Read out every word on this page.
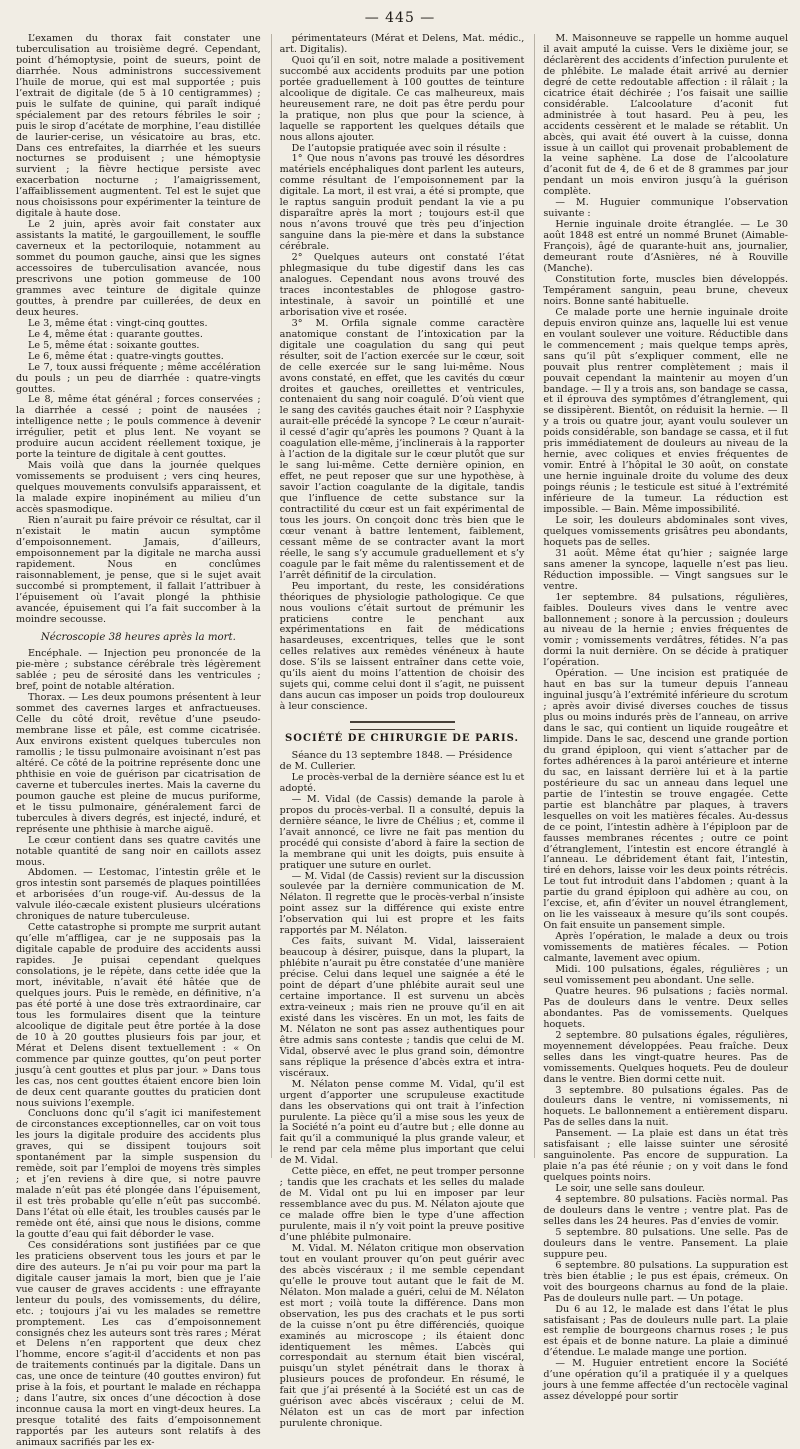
— 445 —

L’examen du thorax fait constater une tuberculisation au troisième degré. Cependant, point d’hémoptysie, point de sueurs, point de diarrhée. Nous administrons successivement l’huile de morue, qui est mal supportée ; puis l’extrait de digitale (de 5 à 10 centigrammes) ; puis le sulfate de quinine, qui paraît indiqué spécialement par des retours fébriles le soir ; puis le sirop d’acétate de morphine, l’eau distillée de laurier-cerise, un vésicatoire au bras, etc. Dans ces entrefaites, la diarrhée et les sueurs nocturnes se produisent ; une hémoptysie survient ; la fièvre hectique persiste avec exacerbation nocturne ; l’amaigrissement, l’affaiblissement augmentent. Tel est le sujet que nous choisissons pour expérimenter la teinture de digitale à haute dose.

Le 2 juin, après avoir fait constater aux assistants la matité, le gargouillement, le souffle caverneux et la pectoriloquie, notamment au sommet du poumon gauche, ainsi que les signes accessoires de tuberculisation avancée, nous prescrivons une potion gommeuse de 100 grammes avec teinture de digitale quinze gouttes, à prendre par cuillerées, de deux en deux heures.

Le 3, même état : vingt-cinq gouttes.

Le 4, même état : quarante gouttes.

Le 5, même état : soixante gouttes.

Le 6, même état : quatre-vingts gouttes.

Le 7, toux aussi fréquente ; même accélération du pouls ; un peu de diarrhée : quatre-vingts gouttes.

Le 8, même état général ; forces conservées ; la diarrhée a cessé ; point de nausées ; intelligence nette ; le pouls commence à devenir irrégulier, petit et plus lent. Ne voyant se produire aucun accident réellement toxique, je porte la teinture de digitale à cent gouttes.

Mais voilà que dans la journée quelques vomissements se produisent ; vers cinq heures, quelques mouvements convulsifs apparaissent, et la malade expire inopinément au milieu d’un accès spasmodique.

Rien n’aurait pu faire prévoir ce résultat, car il n’existait le matin aucun symptôme d’empoisonnement. Jamais, d’ailleurs, empoisonnement par la digitale ne marcha aussi rapidement. Nous en conclûmes raisonnablement, je pense, que si le sujet avait succombé si promptement, il fallait l’attribuer à l’épuisement où l’avait plongé la phthisie avancée, épuisement qui l’a fait succomber à la moindre secousse.

Nécroscopie 38 heures après la mort.

Encéphale. — Injection peu prononcée de la pie-mère ; substance cérébrale très légèrement sablée ; peu de sérosité dans les ventricules ; bref, point de notable altération.

Thorax. — Les deux poumons présentent à leur sommet des cavernes larges et anfractueuses. Celle du côté droit, revêtue d’une pseudo-membrane lisse et pâle, est comme cicatrisée. Aux environs existent quelques tubercules non ramollis ; le tissu pulmonaire avoisinant n’est pas altéré. Ce côté de la poitrine représente donc une phthisie en voie de guérison par cicatrisation de caverne et tubercules inertes. Mais la caverne du poumon gauche est pleine de mucus puriforme, et le tissu pulmonaire, généralement farci de tubercules à divers degrés, est injecté, induré, et représente une phthisie à marche aiguë.

Le cœur contient dans ses quatre cavités une notable quantité de sang noir en caillots assez mous.

Abdomen. — L’estomac, l’intestin grêle et le gros intestin sont parsemés de plaques pointillées et arborisées d’un rouge-vif. Au-dessus de la valvule iléo-cæcale existent plusieurs ulcérations chroniques de nature tuberculeuse.

Cette catastrophe si prompte me surprit autant qu’elle m’affligea, car je ne supposais pas la digitale capable de produire des accidents aussi rapides. Je puisai cependant quelques consolations, je le répète, dans cette idée que la mort, inévitable, n’avait été hâtée que de quelques jours. Puis le remède, en définitive, n’a pas été porté à une dose très extraordinaire, car tous les formulaires disent que la teinture alcoolique de digitale peut être portée à la dose de 10 à 20 gouttes plusieurs fois par jour, et Mérat et Delens disent textuellement : « On commence par quinze gouttes, qu’on peut porter jusqu’à cent gouttes et plus par jour. » Dans tous les cas, nos cent gouttes étaient encore bien loin de deux cent quarante gouttes du praticien dont nous suivions l’exemple.

Concluons donc qu’il s’agit ici manifestement de circonstances exceptionnelles, car on voit tous les jours la digitale produire des accidents plus graves, qui se dissipent toujours soit spontanément par la simple suspension du remède, soit par l’emploi de moyens très simples ; et j’en reviens à dire que, si notre pauvre malade n’eût pas été plongée dans l’épuisement, il est très probable qu’elle n’eût pas succombé. Dans l’état où elle était, les troubles causés par le remède ont été, ainsi que nous le disions, comme la goutte d’eau qui fait déborder le vase.

Ces considérations sont justifiées par ce que les praticiens observent tous les jours et par le dire des auteurs. Je n’ai pu voir pour ma part la digitale causer jamais la mort, bien que je l’aie vue causer de graves accidents : une effrayante lenteur du pouls, des vomissements, du délire, etc. ; toujours j’ai vu les malades se remettre promptement. Les cas d’empoisonnement consignés chez les auteurs sont très rares ; Mérat et Delens n’en rapportent que deux chez l’homme, encore s’agit-il d’accidents et non pas de traitements continués par la digitale. Dans un cas, une once de teinture (40 gouttes environ) fut prise à la fois, et pourtant le malade en réchappa ; dans l’autre, six onces d’une décoction à dose inconnue causa la mort en vingt-deux heures. La presque totalité des faits d’empoisonnement rapportés par les auteurs sont relatifs à des animaux sacrifiés par les ex-

périmentateurs (Mérat et Delens, Mat. médic., art. Digitalis).

Quoi qu’il en soit, notre malade a positivement succombé aux accidents produits par une potion portée graduellement à 100 gouttes de teinture alcoolique de digitale. Ce cas malheureux, mais heureusement rare, ne doit pas être perdu pour la pratique, non plus que pour la science, à laquelle se rapportent les quelques détails que nous allons ajouter.

De l’autopsie pratiquée avec soin il résulte :

1° Que nous n’avons pas trouvé les désordres matériels encéphaliques dont parlent les auteurs, comme résultant de l’empoisonnement par la digitale. La mort, il est vrai, a été si prompte, que le raptus sanguin produit pendant la vie a pu disparaître après la mort ; toujours est-il que nous n’avons trouvé que très peu d’injection sanguine dans la pie-mère et dans la substance cérébrale.

2° Quelques auteurs ont constaté l’état phlegmasique du tube digestif dans les cas analogues. Cependant nous avons trouvé des traces incontestables de phlogose gastro-intestinale, à savoir un pointillé et une arborisation vive et rosée.

3° M. Orfila signale comme caractère anatomique constant de l’intoxication par la digitale une coagulation du sang qui peut résulter, soit de l’action exercée sur le cœur, soit de celle exercée sur le sang lui-même. Nous avons constaté, en effet, que les cavités du cœur droites et gauches, oreillettes et ventricules, contenaient du sang noir coagulé. D’où vient que le sang des cavités gauches était noir ? L’asphyxie aurait-elle précédé la syncope ? Le cœur n’aurait-il cessé d’agir qu’après les poumons ? Quant à la coagulation elle-même, j’inclinerais à la rapporter à l’action de la digitale sur le cœur plutôt que sur le sang lui-même. Cette dernière opinion, en effet, ne peut reposer que sur une hypothèse, à savoir l’action coagulante de la digitale, tandis que l’influence de cette substance sur la contractilité du cœur est un fait expérimental de tous les jours. On conçoit donc très bien que le cœur venant à battre lentement, faiblement, cessant même de se contracter avant la mort réelle, le sang s’y accumule graduellement et s’y coagule par le fait même du ralentissement et de l’arrêt définitif de la circulation.

Peu important, du reste, les considérations théoriques de physiologie pathologique. Ce que nous voulions c’était surtout de prémunir les praticiens contre le penchant aux expérimentations en fait de médications hasardeuses, excentriques, telles que le sont celles relatives aux remèdes vénéneux à haute dose. S’ils se laissent entraîner dans cette voie, qu’ils aient du moins l’attention de choisir des sujets qui, comme celui dont il s’agit, ne puissent dans aucun cas imposer un poids trop douloureux à leur conscience.

SOCIÉTÉ DE CHIRURGIE DE PARIS.

Séance du 13 septembre 1848. — Présidence de M. Cullerier.

Le procès-verbal de la dernière séance est lu et adopté.

— M. Vidal (de Cassis) demande la parole à propos du procès-verbal. Il a consulté, depuis la dernière séance, le livre de Chélius ; et, comme il l’avait annoncé, ce livre ne fait pas mention du procédé qui consiste d’abord à faire la section de la membrane qui unit les doigts, puis ensuite à pratiquer une suture en ourlet.

— M. Vidal (de Cassis) revient sur la discussion soulevée par la dernière communication de M. Nélaton. Il regrette que le procès-verbal n’insiste point assez sur la différence qui existe entre l’observation qui lui est propre et les faits rapportés par M. Nélaton.

Ces faits, suivant M. Vidal, laisseraient beaucoup à désirer, puisque, dans la plupart, la phlébite n’aurait pu être constatée d’une manière précise. Celui dans lequel une saignée a été le point de départ d’une phlébite aurait seul une certaine importance. Il est survenu un abcès extra-veineux ; mais rien ne prouve qu’il en ait existé dans les viscères. En un mot, les faits de M. Nélaton ne sont pas assez authentiques pour être admis sans conteste ; tandis que celui de M. Vidal, observé avec le plus grand soin, démontre sans réplique la présence d’abcès extra et intra-viscéraux.

M. Nélaton pense comme M. Vidal, qu’il est urgent d’apporter une scrupuleuse exactitude dans les observations qui ont trait à l’infection purulente. La pièce qu’il a mise sous les yeux de la Société n’a point eu d’autre but ; elle donne au fait qu’il a communiqué la plus grande valeur, et le rend par cela même plus important que celui de M. Vidal.

Cette pièce, en effet, ne peut tromper personne ; tandis que les crachats et les selles du malade de M. Vidal ont pu lui en imposer par leur ressemblance avec du pus. M. Nélaton ajoute que ce malade offre bien le type d’une affection purulente, mais il n’y voit point la preuve positive d’une phlébite pulmonaire.

M. Vidal. M. Nélaton critique mon observation tout en voulant prouver qu’on peut guérir avec des abcès viscéraux ; il me semble cependant qu’elle le prouve tout autant que le fait de M. Nélaton. Mon malade a guéri, celui de M. Nélaton est mort ; voilà toute la différence. Dans mon observation, les pus des crachats et le pus sorti de la cuisse n’ont pu être différenciés, quoique examinés au microscope ; ils étaient donc identiquement les mêmes. L’abcès qui correspondait au sternum était bien viscéral, puisqu’un stylet pénétrait dans le thorax à plusieurs pouces de profondeur. En résumé, le fait que j’ai présenté à la Société est un cas de guérison avec abcès viscéraux ; celui de M. Nélaton est un cas de mort par infection purulente chronique.

M. Maisonneuve se rappelle un homme auquel il avait amputé la cuisse. Vers le dixième jour, se déclarèrent des accidents d’infection purulente et de phlébite. Le malade était arrivé au dernier degré de cette redoutable affection : il râlait ; la cicatrice était déchirée ; l’os faisait une saillie considérable. L’alcoolature d’aconit fut administrée à tout hasard. Peu à peu, les accidents cessèrent et le malade se rétablit. Un abcès, qui avait été ouvert à la cuisse, donna issue à un caillot qui provenait probablement de la veine saphène. La dose de l’alcoolature d’aconit fut de 4, de 6 et de 8 grammes par jour pendant un mois environ jusqu’à la guérison complète.

— M. Huguier communique l’observation suivante :

Hernie inguinale droite étranglée. — Le 30 août 1848 est entré un nommé Brunet (Aimable-François), âgé de quarante-huit ans, journalier, demeurant route d’Asnières, né à Rouville (Manche).

Constitution forte, muscles bien développés. Tempérament sanguin, peau brune, cheveux noirs. Bonne santé habituelle.

Ce malade porte une hernie inguinale droite depuis environ quinze ans, laquelle lui est venue en voulant soulever une voiture. Réductible dans le commencement ; mais quelque temps après, sans qu’il pût s’expliquer comment, elle ne pouvait plus rentrer complètement ; mais il pouvait cependant la maintenir au moyen d’un bandage. — Il y a trois ans, son bandage se cassa, et il éprouva des symptômes d’étranglement, qui se dissipèrent. Bientôt, on réduisit la hernie. — Il y a trois ou quatre jour, ayant voulu soulever un poids considérable, son bandage se cassa, et il fut pris immédiatement de douleurs au niveau de la hernie, avec coliques et envies fréquentes de vomir. Entré à l’hôpital le 30 août, on constate une hernie inguinale droite du volume des deux poings réunis ; le testicule est situé à l’extrémité inférieure de la tumeur. La réduction est impossible. — Bain. Même impossibilité.

Le soir, les douleurs abdominales sont vives, quelques vomissements grisâtres peu abondants, hoquets pas de selles.

31 août. Même état qu’hier ; saignée large sans amener la syncope, laquelle n’est pas lieu. Réduction impossible. — Vingt sangsues sur le ventre.

1er septembre. 84 pulsations, régulières, faibles. Douleurs vives dans le ventre avec ballonnement ; sonore à la percussion ; douleurs au niveau de la hernie ; envies fréquentes de vomir ; vomissements verdâtres, fétides. N’a pas dormi la nuit dernière. On se décide à pratiquer l’opération.

Opération. — Une incision est pratiquée de haut en bas sur la tumeur depuis l’anneau inguinal jusqu’à l’extrémité inférieure du scrotum ; après avoir divisé diverses couches de tissus plus ou moins indurés près de l’anneau, on arrive dans le sac, qui contient un liquide rougeâtre et limpide. Dans le sac, descend une grande portion du grand épiploon, qui vient s’attacher par de fortes adhérences à la paroi antérieure et interne du sac, en laissant derrière lui et à la partie postérieure du sac un anneau dans lequel une partie de l’intestin se trouve engagée. Cette partie est blanchâtre par plaques, à travers lesquelles on voit les matières fécales. Au-dessus de ce point, l’intestin adhère à l’épiploon par de fausses membranes récentes ; outre ce point d’étranglement, l’intestin est encore étranglé à l’anneau. Le débridement étant fait, l’intestin, tiré en dehors, laisse voir les deux points rétrécis. Le tout fut introduit dans l’abdomen ; quant à la partie du grand épiploon qui adhère au cou, on l’excise, et, afin d’éviter un nouvel étranglement, on lie les vaisseaux à mesure qu’ils sont coupés. On fait ensuite un pansement simple.

Après l’opération, le malade a deux ou trois vomissements de matières fécales. — Potion calmante, lavement avec opium.

Midi. 100 pulsations, égales, régulières ; un seul vomissement peu abondant. Une selle.

Quatre heures. 96 pulsations ; faciès normal. Pas de douleurs dans le ventre. Deux selles abondantes. Pas de vomissements. Quelques hoquets.

2 septembre. 80 pulsations égales, régulières, moyennement développées. Peau fraîche. Deux selles dans les vingt-quatre heures. Pas de vomissements. Quelques hoquets. Peu de douleur dans le ventre. Bien dormi cette nuit.

3 septembre. 80 pulsations égales. Pas de douleurs dans le ventre, ni vomissements, ni hoquets. Le ballonnement a entièrement disparu. Pas de selles dans la nuit.

Pansement. — La plaie est dans un état très satisfaisant ; elle laisse suinter une sérosité sanguinolente. Pas encore de suppuration. La plaie n’a pas été réunie ; on y voit dans le fond quelques points noirs.

Le soir, une selle sans douleur.

4 septembre. 80 pulsations. Faciès normal. Pas de douleurs dans le ventre ; ventre plat. Pas de selles dans les 24 heures. Pas d’envies de vomir.

5 septembre. 80 pulsations. Une selle. Pas de douleurs dans le ventre. Pansement. La plaie suppure peu.

6 septembre. 80 pulsations. La suppuration est très bien établie ; le pus est épais, crémeux. On voit des bourgeons charnus au fond de la plaie. Pas de douleurs nulle part. — Un potage.

Du 6 au 12, le malade est dans l’état le plus satisfaisant ; Pas de douleurs nulle part. La plaie est remplie de bourgeons charnus roses ; le pus est épais et de bonne nature. La plaie a diminué d’étendue. Le malade mange une portion.

— M. Huguier entretient encore la Société d’une opération qu’il a pratiquée il y a quelques jours à une femme affectée d’un rectocèle vaginal assez développé pour sortir
